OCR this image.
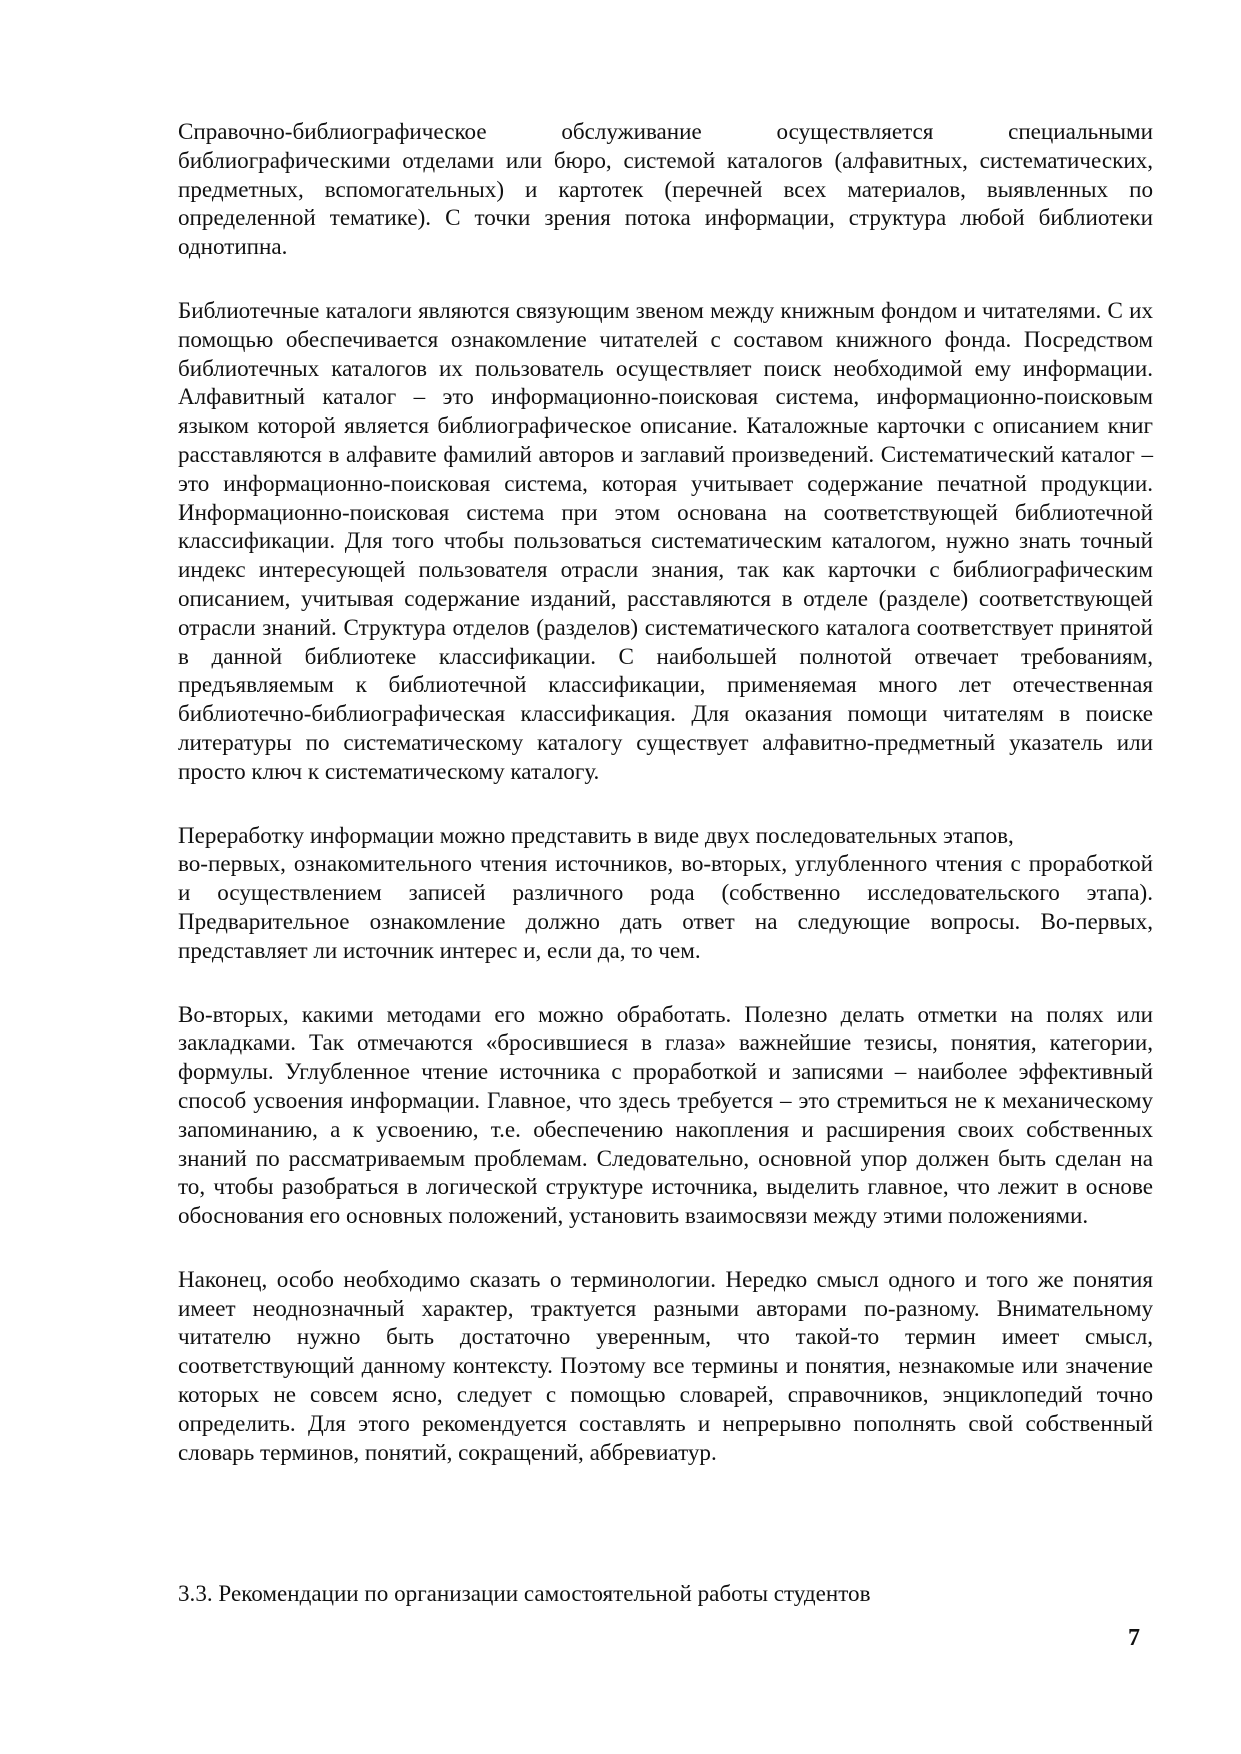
Справочно-библиографическое обслуживание осуществляется специальными библиографическими отделами или бюро, системой каталогов (алфавитных, систематических, предметных, вспомогательных) и картотек (перечней всех материалов, выявленных по определенной тематике). С точки зрения потока информации, структура любой библиотеки однотипна.

Библиотечные каталоги являются связующим звеном между книжным фондом и читателями. С их помощью обеспечивается ознакомление читателей с составом книжного фонда. Посредством библиотечных каталогов их пользователь осуществляет поиск необходимой ему информации. Алфавитный каталог – это информационно-поисковая система, информационно-поисковым языком которой является библиографическое описание. Каталожные карточки с описанием книг расставляются в алфавите фамилий авторов и заглавий произведений. Систематический каталог – это информационно-поисковая система, которая учитывает содержание печатной продукции. Информационно-поисковая система при этом основана на соответствующей библиотечной классификации. Для того чтобы пользоваться систематическим каталогом, нужно знать точный индекс интересующей пользователя отрасли знания, так как карточки с библиографическим описанием, учитывая содержание изданий, расставляются в отделе (разделе) соответствующей отрасли знаний. Структура отделов (разделов) систематического каталога соответствует принятой в данной библиотеке классификации. С наибольшей полнотой отвечает требованиям, предъявляемым к библиотечной классификации, применяемая много лет отечественная библиотечно-библиографическая классификация. Для оказания помощи читателям в поиске литературы по систематическому каталогу существует алфавитно-предметный указатель или просто ключ к систематическому каталогу.

Переработку информации можно представить в виде двух последовательных этапов,

во-первых, ознакомительного чтения источников, во-вторых, углубленного чтения с проработкой и осуществлением записей различного рода (собственно исследовательского этапа). Предварительное ознакомление должно дать ответ на следующие вопросы. Во-первых, представляет ли источник интерес и, если да, то чем.

Во-вторых, какими методами его можно обработать. Полезно делать отметки на полях или закладками. Так отмечаются «бросившиеся в глаза» важнейшие тезисы, понятия, категории, формулы. Углубленное чтение источника с проработкой и записями – наиболее эффективный способ усвоения информации. Главное, что здесь требуется – это стремиться не к механическому запоминанию, а к усвоению, т.е. обеспечению накопления и расширения своих собственных знаний по рассматриваемым проблемам. Следовательно, основной упор должен быть сделан на то, чтобы разобраться в логической структуре источника, выделить главное, что лежит в основе обоснования его основных положений, установить взаимосвязи между этими положениями.

Наконец, особо необходимо сказать о терминологии. Нередко смысл одного и того же понятия имеет неоднозначный характер, трактуется разными авторами по-разному. Внимательному читателю нужно быть достаточно уверенным, что такой-то термин имеет смысл, соответствующий данному контексту. Поэтому все термины и понятия, незнакомые или значение которых не совсем ясно, следует с помощью словарей, справочников, энциклопедий точно определить. Для этого рекомендуется составлять и непрерывно пополнять свой собственный словарь терминов, понятий, сокращений, аббревиатур.

3.3. Рекомендации по организации самостоятельной работы студентов

7
